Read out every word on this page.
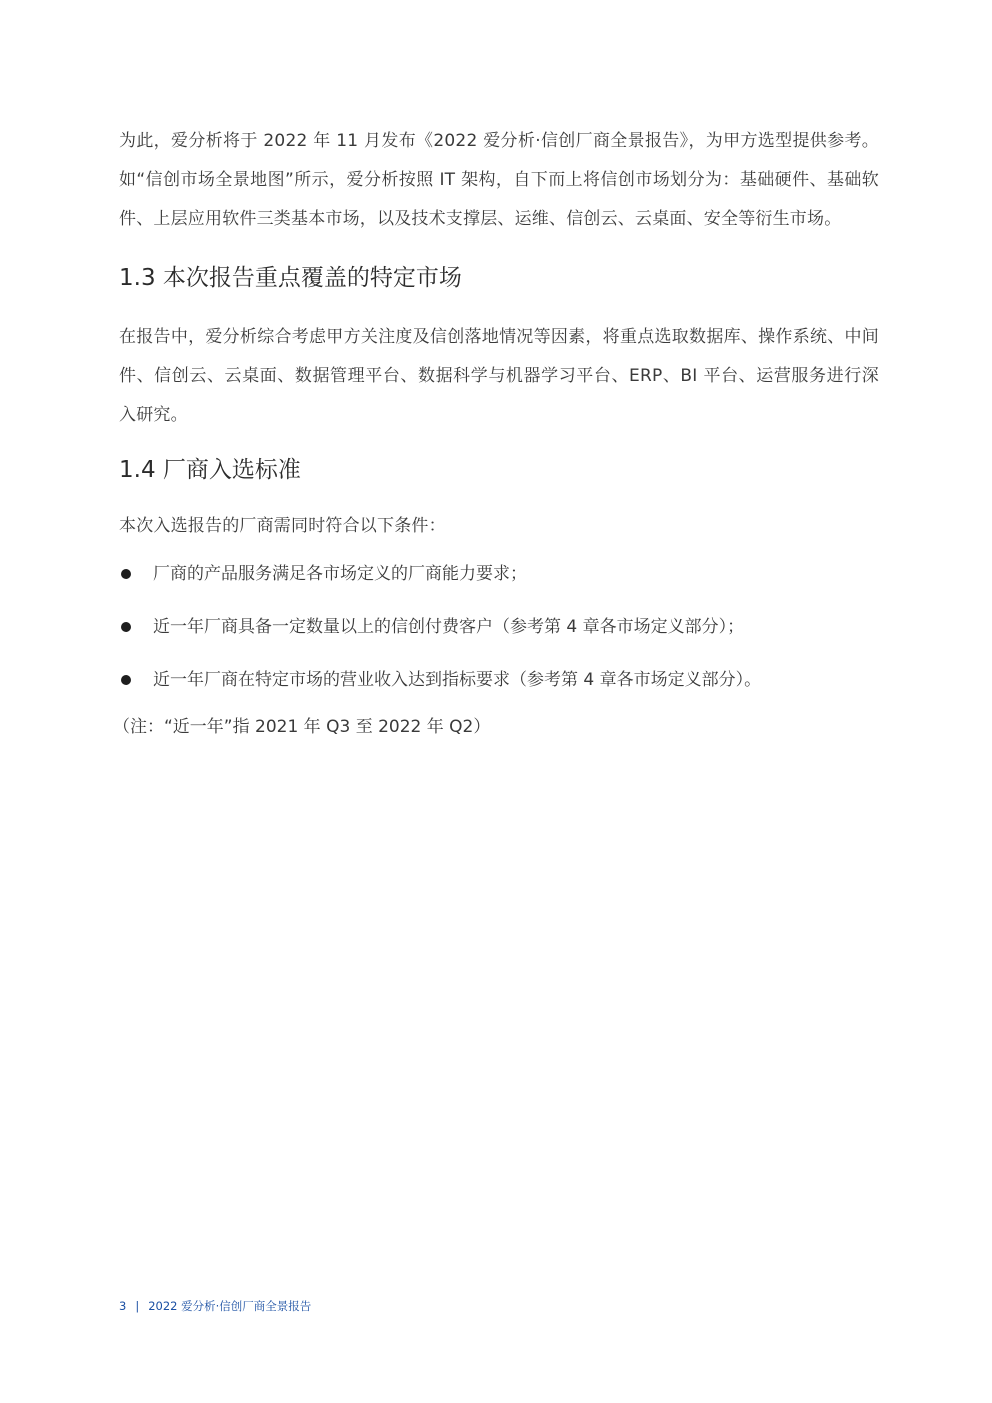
为此，爱分析将于 2022 年 11 月发布《2022 爱分析·信创厂商全景报告》，为甲方选型提供参考。如“信创市场全景地图”所示，爱分析按照 IT 架构，自下而上将信创市场划分为：基础硬件、基础软件、上层应用软件三类基本市场，以及技术支撑层、运维、信创云、云桌面、安全等衍生市场。

1.3 本次报告重点覆盖的特定市场

在报告中，爱分析综合考虑甲方关注度及信创落地情况等因素，将重点选取数据库、操作系统、中间件、信创云、云桌面、数据管理平台、数据科学与机器学习平台、ERP、BI 平台、运营服务进行深入研究。

1.4 厂商入选标准

本次入选报告的厂商需同时符合以下条件：

厂商的产品服务满足各市场定义的厂商能力要求；
近一年厂商具备一定数量以上的信创付费客户（参考第 4 章各市场定义部分）；
近一年厂商在特定市场的营业收入达到指标要求（参考第 4 章各市场定义部分）。

（注：“近一年”指 2021 年 Q3 至 2022 年 Q2）

3 | 2022 爱分析·信创厂商全景报告
